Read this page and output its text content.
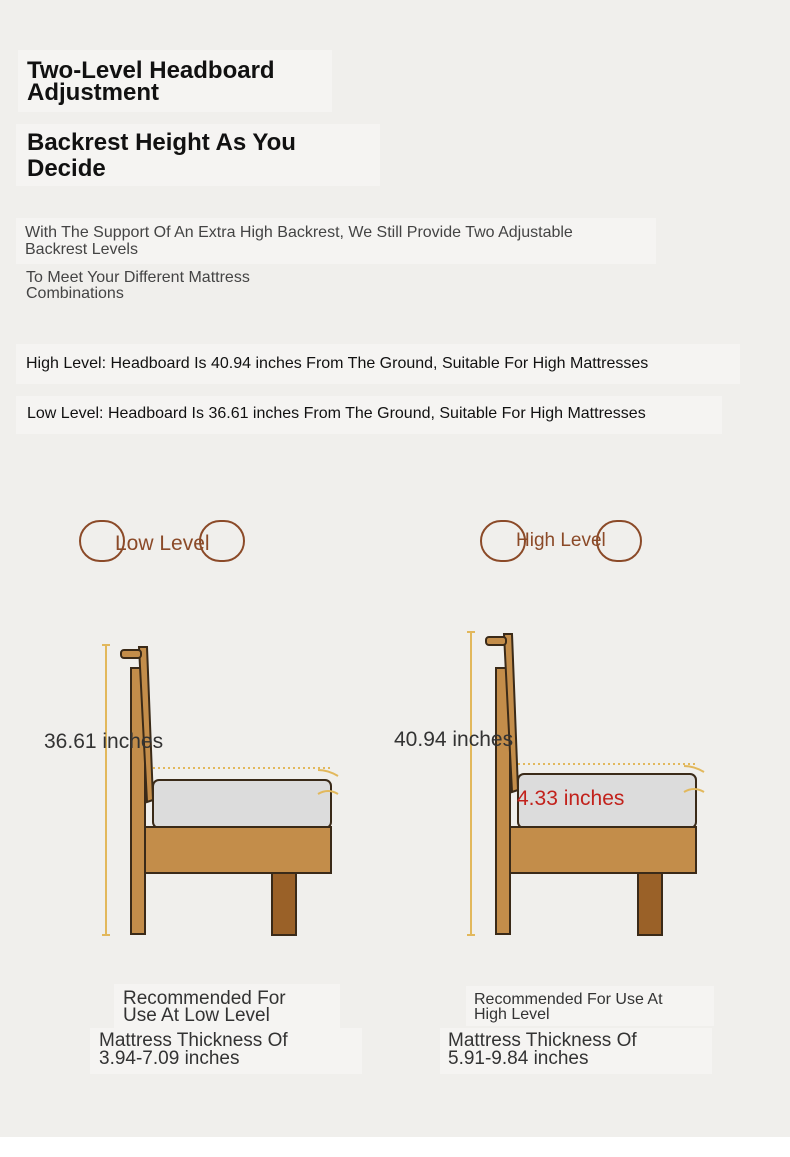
Two-Level Headboard
Adjustment
Backrest Height As You
Decide
With The Support Of An Extra High Backrest, We Still Provide Two Adjustable
Backrest Levels
To Meet Your Different Mattress
Combinations
High Level: Headboard Is 40.94 inches From The Ground, Suitable For High Mattresses
Low Level: Headboard Is 36.61 inches From The Ground, Suitable For High Mattresses
Low Level	High Level
36.61 inches	40.94 inches
4.33 inches
Recommended For
Use At Low Level
Mattress Thickness Of
3.94-7.09 inches
Recommended For Use At
High Level
Mattress Thickness Of
5.91-9.84 inches
